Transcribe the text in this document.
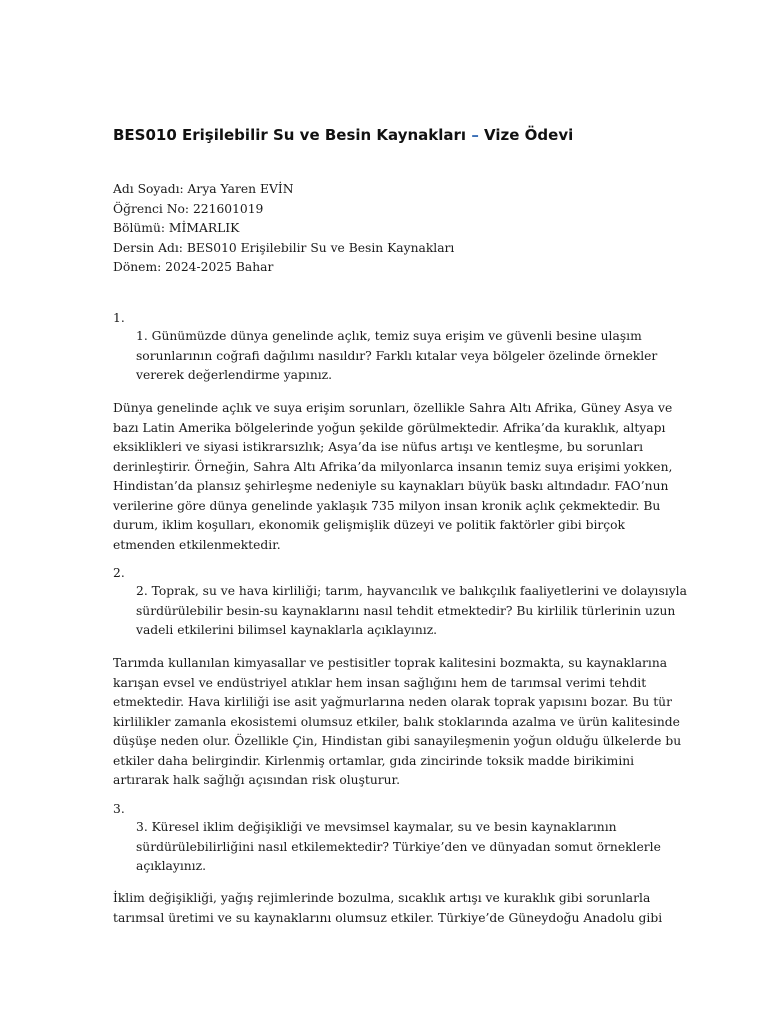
BES010 Erişilebilir Su ve Besin Kaynakları – Vize Ödevi
Adı Soyadı: Arya Yaren EVİN
Öğrenci No: 221601019
Bölümü: MİMARLIK
Dersin Adı: BES010 Erişilebilir Su ve Besin Kaynakları
Dönem: 2024-2025 Bahar
1.
1. Günümüzde dünya genelinde açlık, temiz suya erişim ve güvenli besine ulaşım
sorunlarının coğrafi dağılımı nasıldır? Farklı kıtalar veya bölgeler özelinde örnekler
vererek değerlendirme yapınız.
Dünya genelinde açlık ve suya erişim sorunları, özellikle Sahra Altı Afrika, Güney Asya ve
bazı Latin Amerika bölgelerinde yoğun şekilde görülmektedir. Afrika’da kuraklık, altyapı
eksiklikleri ve siyasi istikrarsızlık; Asya’da ise nüfus artışı ve kentleşme, bu sorunları
derinleştirir. Örneğin, Sahra Altı Afrika’da milyonlarca insanın temiz suya erişimi yokken,
Hindistan’da plansız şehirleşme nedeniyle su kaynakları büyük baskı altındadır. FAO’nun
verilerine göre dünya genelinde yaklaşık 735 milyon insan kronik açlık çekmektedir. Bu
durum, iklim koşulları, ekonomik gelişmişlik düzeyi ve politik faktörler gibi birçok
etmenden etkilenmektedir.
2.
2. Toprak, su ve hava kirliliği; tarım, hayvancılık ve balıkçılık faaliyetlerini ve dolayısıyla
sürdürülebilir besin-su kaynaklarını nasıl tehdit etmektedir? Bu kirlilik türlerinin uzun
vadeli etkilerini bilimsel kaynaklarla açıklayınız.
Tarımda kullanılan kimyasallar ve pestisitler toprak kalitesini bozmakta, su kaynaklarına
karışan evsel ve endüstriyel atıklar hem insan sağlığını hem de tarımsal verimi tehdit
etmektedir. Hava kirliliği ise asit yağmurlarına neden olarak toprak yapısını bozar. Bu tür
kirlilikler zamanla ekosistemi olumsuz etkiler, balık stoklarında azalma ve ürün kalitesinde
düşüşe neden olur. Özellikle Çin, Hindistan gibi sanayileşmenin yoğun olduğu ülkelerde bu
etkiler daha belirgindir. Kirlenmiş ortamlar, gıda zincirinde toksik madde birikimini
artırarak halk sağlığı açısından risk oluşturur.
3.
3. Küresel iklim değişikliği ve mevsimsel kaymalar, su ve besin kaynaklarının
sürdürülebilirliğini nasıl etkilemektedir? Türkiye’den ve dünyadan somut örneklerle
açıklayınız.
İklim değişikliği, yağış rejimlerinde bozulma, sıcaklık artışı ve kuraklık gibi sorunlarla
tarımsal üretimi ve su kaynaklarını olumsuz etkiler. Türkiye’de Güneydoğu Anadolu gibi
